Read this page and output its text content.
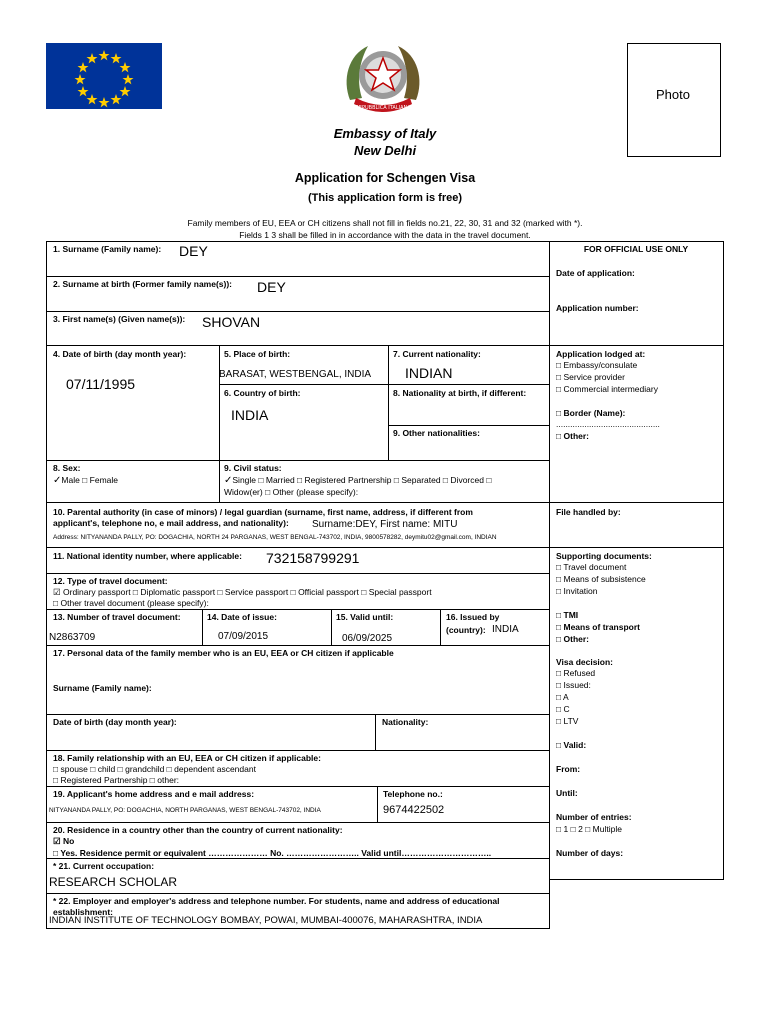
REPUBBLICA ITALIANA
Embassy of Italy
New Delhi
Photo
Application for Schengen Visa
(This application form is free)
Family members of EU, EEA or CH citizens shall not fill in fields no.21, 22, 30, 31 and 32 (marked with *).
Fields 1 3 shall be filled in in accordance with the data in the travel document.
1. Surname (Family name): DEY
2. Surname at birth (Former family name(s)): DEY
3. First name(s) (Given name(s)): SHOVAN
4. Date of birth (day month year):
07/11/1995
5. Place of birth:
BARASAT, WESTBENGAL, INDIA
6. Country of birth:
INDIA
7. Current nationality:
INDIAN
8. Nationality at birth, if different:
9. Other nationalities:
8. Sex:
✓Male □ Female
9. Civil status:
✓Single □ Married □ Registered Partnership □ Separated □ Divorced □
Widow(er) □ Other (please specify):
10. Parental authority (in case of minors) / legal guardian (surname, first name, address, if different from
applicant's, telephone no, e mail address, and nationality): Surname:DEY, First name: MITU
Address: NITYANANDA PALLY, PO: DOGACHIA, NORTH 24 PARGANAS, WEST BENGAL-743702, INDIA, 9800578282, deymitu02@gmail.com, INDIAN
11. National identity number, where applicable: 732158799291
12. Type of travel document:
☑ Ordinary passport □ Diplomatic passport □ Service passport □ Official passport □ Special passport
□ Other travel document (please specify):
13. Number of travel document:
N2863709
14. Date of issue:
07/09/2015
15. Valid until:
06/09/2025
16. Issued by
(country): INDIA
17. Personal data of the family member who is an EU, EEA or CH citizen if applicable
Surname (Family name):
Date of birth (day month year):	Nationality:
18. Family relationship with an EU, EEA or CH citizen if applicable:
□ spouse □ child □ grandchild □ dependent ascendant
□ Registered Partnership □ other:
19. Applicant's home address and e mail address:
NITYANANDA PALLY, PO: DOGACHIA, NORTH PARGANAS, WEST BENGAL-743702, INDIA
Telephone no.:
9674422502
20. Residence in a country other than the country of current nationality:
☑ No
□ Yes. Residence permit or equivalent ………………… No. …………………….. Valid until…………………………..
* 21. Current occupation:
RESEARCH SCHOLAR
* 22. Employer and employer's address and telephone number. For students, name and address of educational
establishment:
INDIAN INSTITUTE OF TECHNOLOGY BOMBAY, POWAI, MUMBAI-400076, MAHARASHTRA, INDIA
FOR OFFICIAL USE ONLY
Date of application:
Application number:
Application lodged at:
□ Embassy/consulate
□ Service provider
□ Commercial intermediary
□ Border (Name):
............................................
□ Other:
File handled by:
Supporting documents:
□ Travel document
□ Means of subsistence
□ Invitation
□ TMI
□ Means of transport
□ Other:
Visa decision:
□ Refused
□ Issued:
□ A
□ C
□ LTV
□ Valid:
From:
Until:
Number of entries:
□ 1 □ 2 □ Multiple
Number of days:
